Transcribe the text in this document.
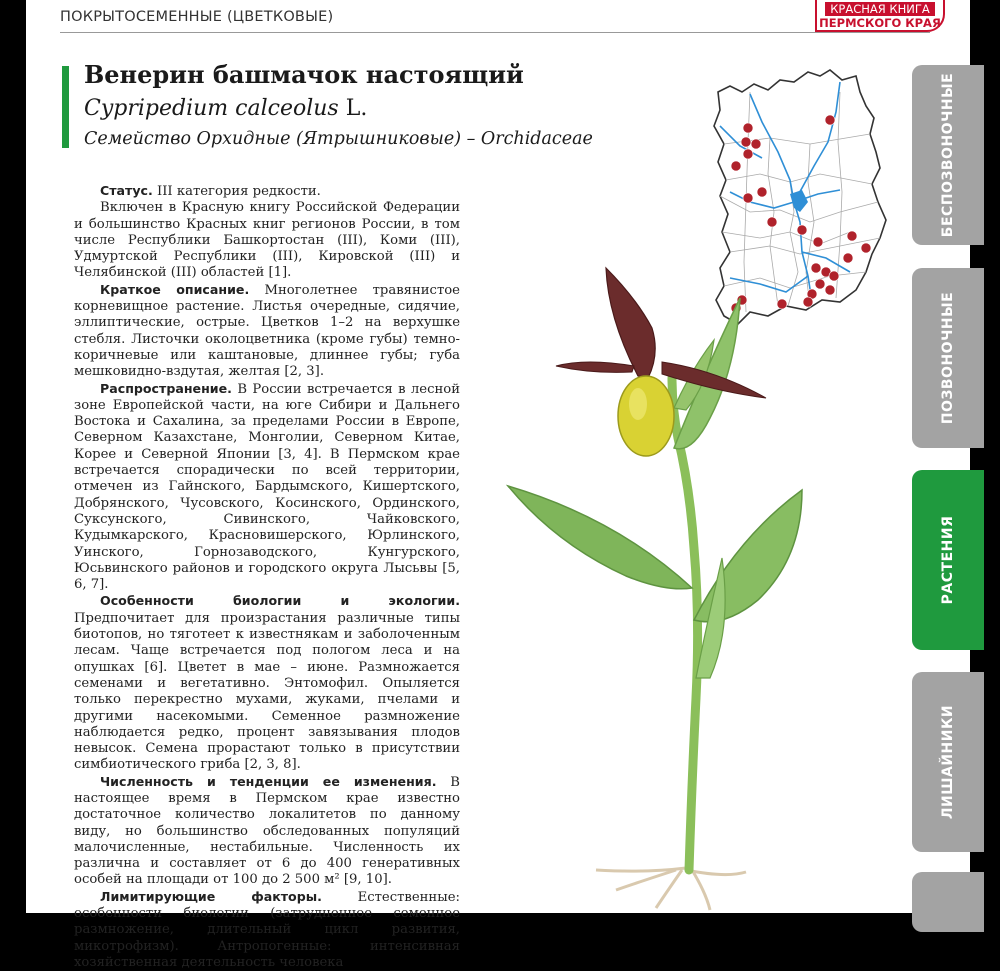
ПОКРЫТОСЕМЕННЫЕ (ЦВЕТКОВЫЕ)	КРАСНАЯ КНИГА
ПЕРМСКОГО КРАЯ
Венерин башмачок настоящий
Cypripedium calceolus L.
Семейство Орхидные (Ятрышниковые) – Orchidaceae

Статус. III категория редкости.

Включен в Красную книгу Российской Федерации и большинство Красных книг регионов России, в том числе Республики Башкортостан (III), Коми (III), Удмуртской Республики (III), Кировской (III) и Челябинской (III) областей [1].

Краткое описание. Многолетнее травянистое корневищное растение. Листья очередные, сидячие, эллиптические, острые. Цветков 1–2 на верхушке стебля. Листочки околоцветника (кроме губы) темно-коричневые или каштановые, длиннее губы; губа мешковидно-вздутая, желтая [2, 3].

Распространение. В России встречается в лесной зоне Европейской части, на юге Сибири и Дальнего Востока и Сахалина, за пределами России в Европе, Северном Казахстане, Монголии, Северном Китае, Корее и Северной Японии [3, 4]. В Пермском крае встречается спорадически по всей территории, отмечен из Гайнского, Бардымского, Кишертского, Добрянского, Чусовского, Косинского, Ординского, Суксунского, Сивинского, Чайковского, Кудымкарского, Красновишерского, Юрлинского, Уинского, Горнозаводского, Кунгурского, Юсьвинского районов и городского округа Лысьвы [5, 6, 7].

Особенности биологии и экологии. Предпочитает для произрастания различные типы биотопов, но тяготеет к известнякам и заболоченным лесам. Чаще встречается под пологом леса и на опушках [6]. Цветет в мае – июне. Размножается семенами и вегетативно. Энтомофил. Опыляется только перекрестно мухами, жуками, пчелами и другими насекомыми. Семенное размножение наблюдается редко, процент завязывания плодов невысок. Семена прорастают только в присутствии симбиотического гриба [2, 3, 8].

Численность и тенденции ее изменения. В настоящее время в Пермском крае известно достаточное количество локалитетов по данному виду, но большинство обследованных популяций малочисленные, нестабильные. Численность их различна и составляет от 6 до 400 генеративных особей на площади от 100 до 2 500 м² [9, 10].

Лимитирующие факторы.	Естественные: особенности биологии (затрудненное семенное размножение, длительный цикл развития, микотрофизм). Антропогенные: интенсивная хозяйственная деятельность человека

БЕСПОЗВОНОЧНЫЕ
ПОЗВОНОЧНЫЕ
РАСТЕНИЯ
ЛИШАЙНИКИ
